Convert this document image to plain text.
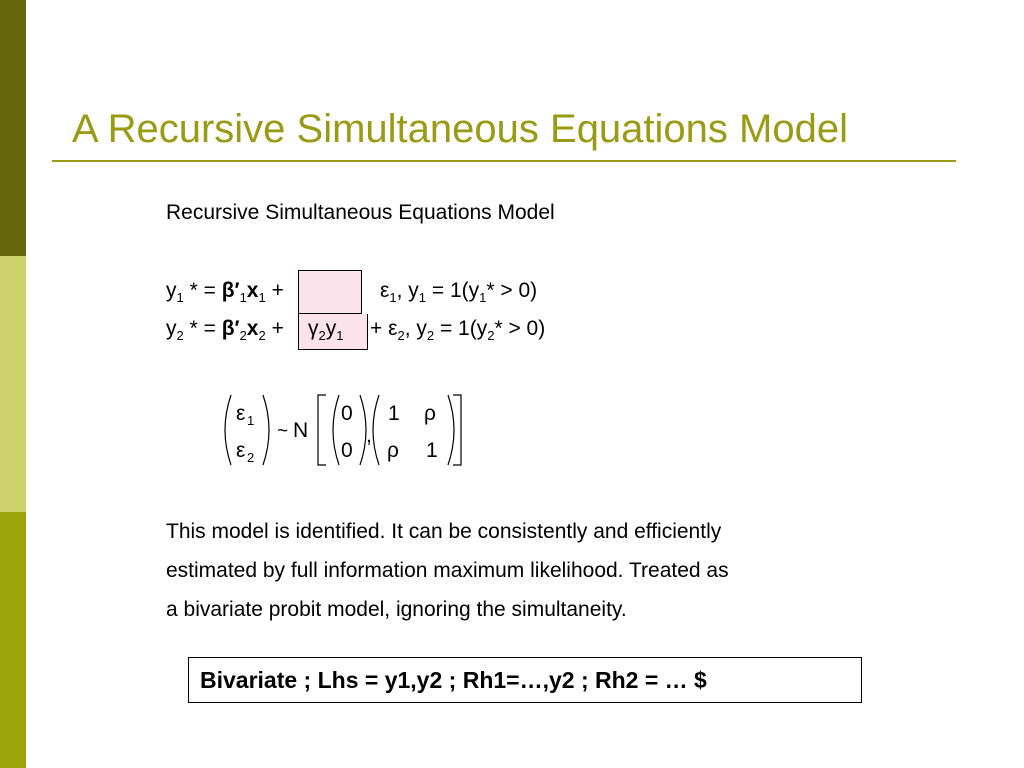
A Recursive Simultaneous Equations Model
Recursive Simultaneous Equations Model
$y_1$ * = $\beta'_1x_1$ +	$\varepsilon_1$, $y_1 = 1(y_1* > 0)$
$y_2$ * = $\beta'_2x_2 + \gamma_2y_1 + \varepsilon_2$, $y_2 = 1(y_2* > 0)$
ε 1
ε 2
~ N
0
0
,
1 ρ
ρ 1
This model is identified. It can be consistently and efficiently
estimated by full information maximum likelihood. Treated as
a bivariate probit model, ignoring the simultaneity.
Bivariate ; Lhs = y1,y2 ; Rh1=…,y2 ; Rh2 = … $
